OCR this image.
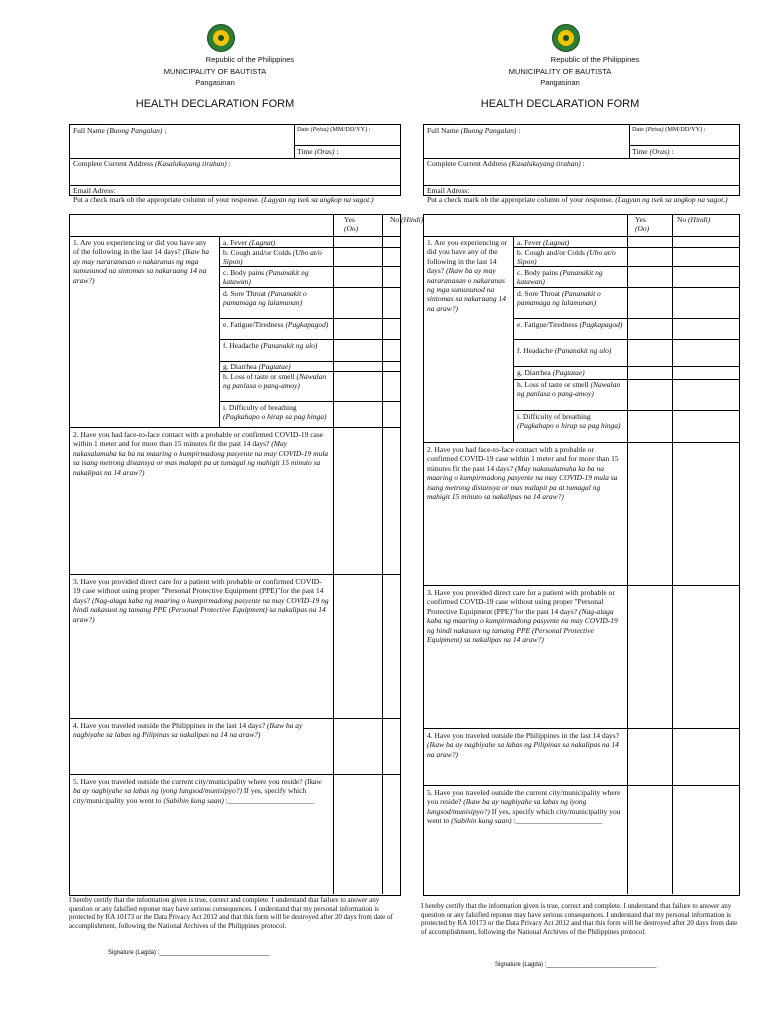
Republic of the Philippines
MUNICIPALITY OF BAUTISTA
Pangasinan
HEALTH DECLARATION FORM
Full Name (Buong Pangalan) :	Date (Petsa) (MM/DD/YY) :
Time (Oras) :
Complete Current Address (Kasalukuyang tirahan) :
Email Adress:
Put a check mark ob the appropriate column of your response. (Lagyan ng tsek sa angkop na sagot.)
Yes
(Oo)
No (Hindi)
1. Are you experiencing or did you have any of the following in the last 14 days? (Ikaw ba ay may nararanasan o nakaranas ng mga sumusunod na sintomas sa nakaraang 14 na araw?)
a. Fever (Lagnat)
b. Cough and/or Colds (Ubo at/o Sipon)
c. Body pains (Pananakit ng katawan)
d. Sore Throat (Pananakit o pamamaga ng lalamunan)
e. Fatigue/Tiredness (Pagkapagod)
f. Headache (Pananakit ng ulo)
g. Diarrhea (Pagtatae)
h. Loss of taste or smell (Nawalan ng panlasa o pang-amoy)
i. Difficulty of breathing (Pagkahapo o hirap sa pag hinga)
2. Have you had face-to-face contact with a probable or confirmed COVID-19 case within 1 meter and for more than 15 minutes fir the past 14 days? (May nakasalamuha ka ba na maaring o kumpirmadong pasyente na may COVID-19 mula sa isang metrong distansya or mas malapit pa at tumagal ng mahigit 15 minuto sa nakalipas na 14 araw?)
3. Have you provided direct care for a patient with probable or confirmed COVID-19 case without using proper "Personal Protective Equipment (PPE)"for the past 14 days? (Nag-alaga kaba ng maaring o kumpirmadong pasyente na may COVID-19 ng hindi nakasuot ng tamang PPE (Personal Protective Equipment) sa nakalipas na 14 araw?)
4. Have you traveled outside the Philippines in the last 14 days? (Ikaw ba ay nagbiyahe sa labas ng Pilipinas sa nakalipas na 14 na araw?)
5. Have you traveled outside the current city/municipality where you reside? (Ikaw ba ay nagbiyahe sa labas ng iyong lungsod/munisipyo?) If yes, specify which city/municipality you went to (Sabihin kung saan) :_______________________
I hereby certify that the information given is true, correct and complete. I understand that failure to answer any question or any falsified reponse may have serious consequences. I understand that my personal information is protected by RA 10173 or the Data Privacy Act 2012 and that this form will be destroyed after 20 days from date of accomplishment, following the National Archives of the Philippines protocol.
Signature (Lagda) :_________________________________
Republic of the Philippines
MUNICIPALITY OF BAUTISTA
Pangasinan
HEALTH DECLARATION FORM
Full Name (Buong Pangalan) :	Date (Petsa) (MM/DD/YY) :
Time (Oras) :
Complete Current Address (Kasalukuyang tirahan) :
Email Adress:
Put a check mark ob the appropriate column of your response. (Lagyan ng tsek sa angkop na sagot.)
Yes
(Oo)
No (Hindi)
1. Are you experiencing or did you have any of the following in the last 14 days? (Ikaw ba ay may nararanasan o nakaranas ng mga sumusunod na sintomas sa nakaraang 14 na araw?)
a. Fever (Lagnat)
b. Cough and/or Colds (Ubo at/o Sipon)
c. Body pains (Pananakit ng katawan)
d. Sore Throat (Pananakit o pamamaga ng lalamunan)
e. Fatigue/Tiredness (Pagkapagod)
f. Headache (Pananakit ng ulo)
g. Diarrhea (Pagtatae)
h. Loss of taste or smell (Nawalan ng panlasa o pang-amoy)
i. Difficulty of breathing (Pagkahapo o hirap sa pag hinga)
2. Have you had face-to-face contact with a probable or confirmed COVID-19 case within 1 meter and for more than 15 minutes fir the past 14 days? (May nakasalamuha ka ba na maaring o kumpirmadong pasyente na may COVID-19 mula sa isang metrong distansya or mas malapit pa at tumagal ng mahigit 15 minuto sa nakalipas na 14 araw?)
3. Have you provided direct care for a patient with probable or confirmed COVID-19 case without using proper "Personal Protective Equipment (PPE)"for the past 14 days? (Nag-alaga kaba ng maaring o kumpirmadong pasyente na may COVID-19 ng hindi nakasuot ng tamang PPE (Personal Protective Equipment) sa nakalipas na 14 araw?)
4. Have you traveled outside the Philippines in the last 14 days? (Ikaw ba ay nagbiyahe sa labas ng Pilipinas sa nakalipas na 14 na araw?)
5. Have you traveled outside the current city/municipality where you reside? (Ikaw ba ay nagbiyahe sa labas ng iyong lungsod/munisipyo?) If yes, specify which city/municipality you went to (Sabihin kung saan) :_______________________
I hereby certify that the information given is true, correct and complete. I understand that failure to answer any question or any falsified reponse may have serious consequences. I understand that my personal information is protected by RA 10173 or the Data Privacy Act 2012 and that this form will be destroyed after 20 days from date of accomplishment, following the National Archives of the Philippines protocol.
Signature (Lagda) :_________________________________
